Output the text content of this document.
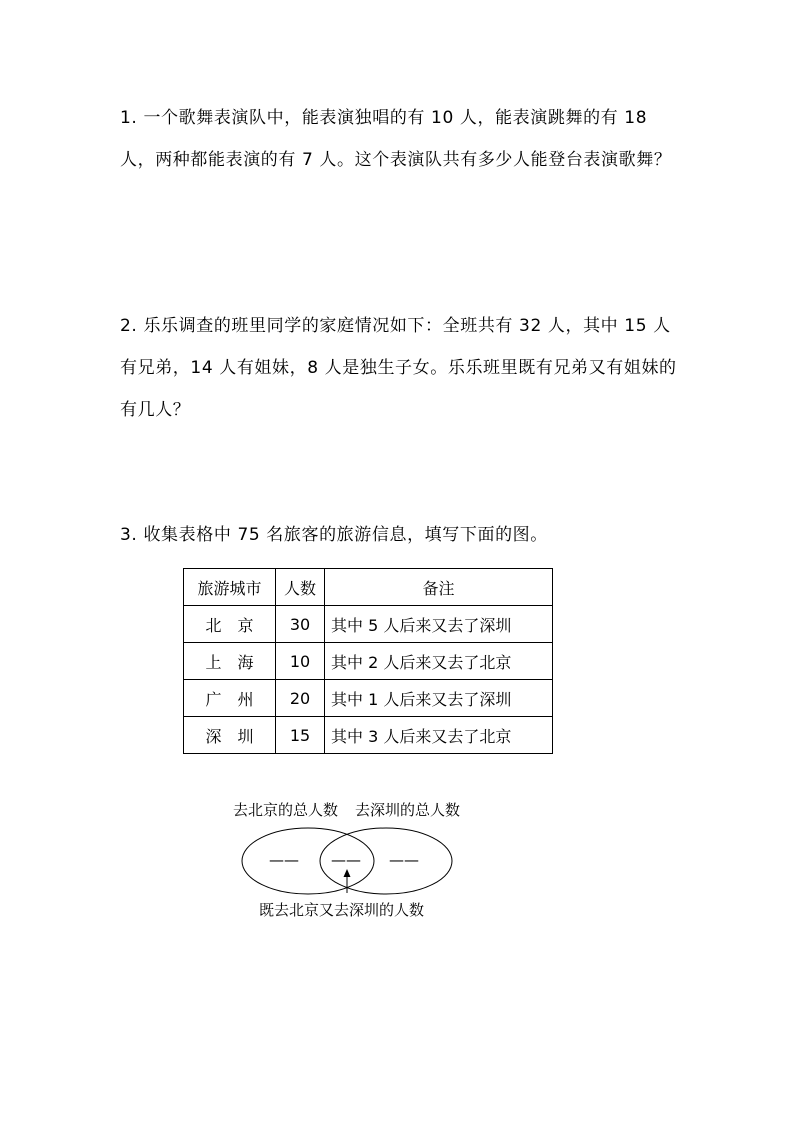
1. 一个歌舞表演队中，能表演独唱的有 10 人，能表演跳舞的有 18 人，两种都能表演的有 7 人。这个表演队共有多少人能登台表演歌舞？

2. 乐乐调查的班里同学的家庭情况如下：全班共有 32 人，其中 15 人有兄弟，14 人有姐妹，8 人是独生子女。乐乐班里既有兄弟又有姐妹的有几人？

3. 收集表格中 75 名旅客的旅游信息，填写下面的图。

旅游城市	人数	备注
北　京	30	其中 5 人后来又去了深圳
上　海	10	其中 2 人后来又去了北京
广　州	20	其中 1 人后来又去了深圳
深　圳	15	其中 3 人后来又去了北京
去北京的总人数 去深圳的总人数
—— —— ——
既去北京又去深圳的人数
